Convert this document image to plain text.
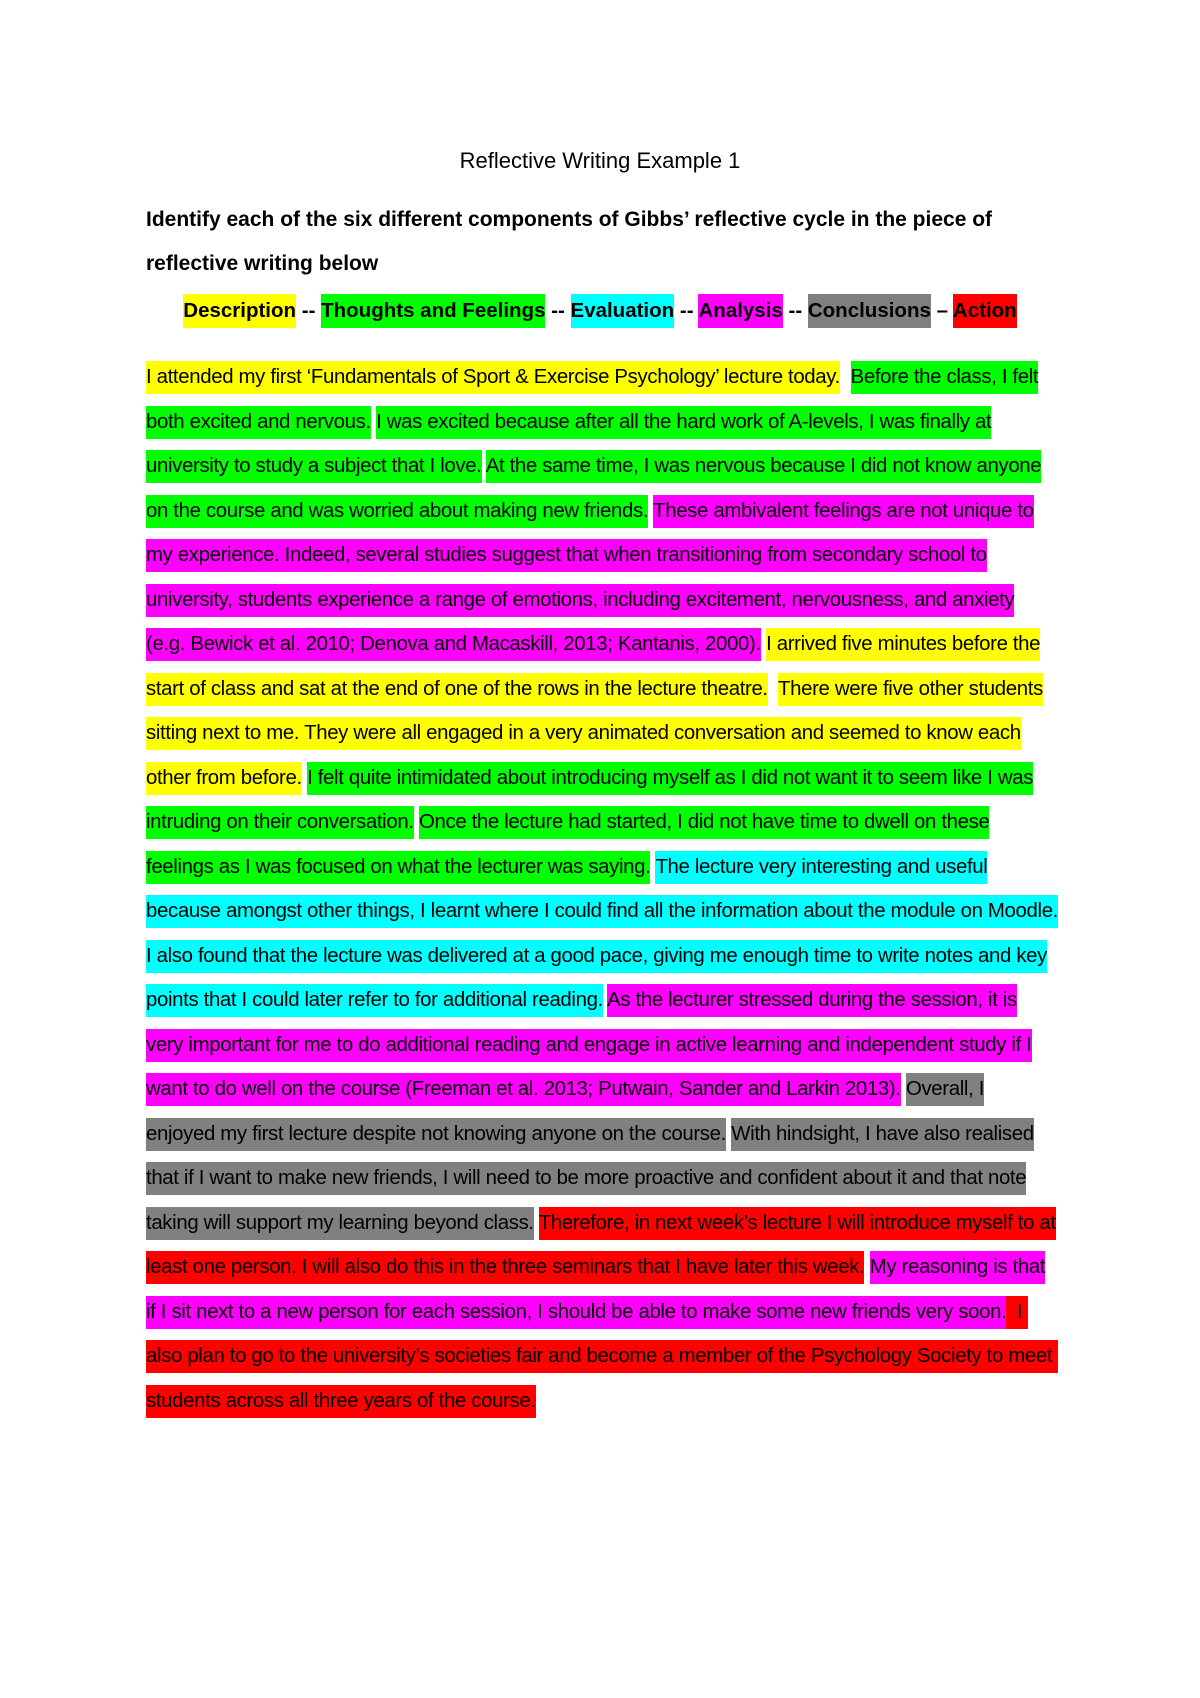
Reflective Writing Example 1
Identify each of the six different components of Gibbs’ reflective cycle in the piece of reflective writing below
Description -- Thoughts and Feelings -- Evaluation -- Analysis -- Conclusions – Action
I attended my first ‘Fundamentals of Sport & Exercise Psychology’ lecture today. Before the class, I felt both excited and nervous. I was excited because after all the hard work of A-levels, I was finally at university to study a subject that I love. At the same time, I was nervous because I did not know anyone on the course and was worried about making new friends. These ambivalent feelings are not unique to my experience. Indeed, several studies suggest that when transitioning from secondary school to university, students experience a range of emotions, including excitement, nervousness, and anxiety (e.g. Bewick et al. 2010; Denova and Macaskill, 2013; Kantanis, 2000). I arrived five minutes before the start of class and sat at the end of one of the rows in the lecture theatre. There were five other students sitting next to me. They were all engaged in a very animated conversation and seemed to know each other from before. I felt quite intimidated about introducing myself as I did not want it to seem like I was intruding on their conversation. Once the lecture had started, I did not have time to dwell on these feelings as I was focused on what the lecturer was saying. The lecture very interesting and useful because amongst other things, I learnt where I could find all the information about the module on Moodle. I also found that the lecture was delivered at a good pace, giving me enough time to write notes and key points that I could later refer to for additional reading. As the lecturer stressed during the session, it is very important for me to do additional reading and engage in active learning and independent study if I want to do well on the course (Freeman et al. 2013; Putwain, Sander and Larkin 2013). Overall, I enjoyed my first lecture despite not knowing anyone on the course. With hindsight, I have also realised that if I want to make new friends, I will need to be more proactive and confident about it and that note taking will support my learning beyond class. Therefore, in next week’s lecture I will introduce myself to at least one person. I will also do this in the three seminars that I have later this week. My reasoning is that if I sit next to a new person for each session, I should be able to make some new friends very soon.  I also plan to go to the university’s societies fair and become a member of the Psychology Society to meet students across all three years of the course.
